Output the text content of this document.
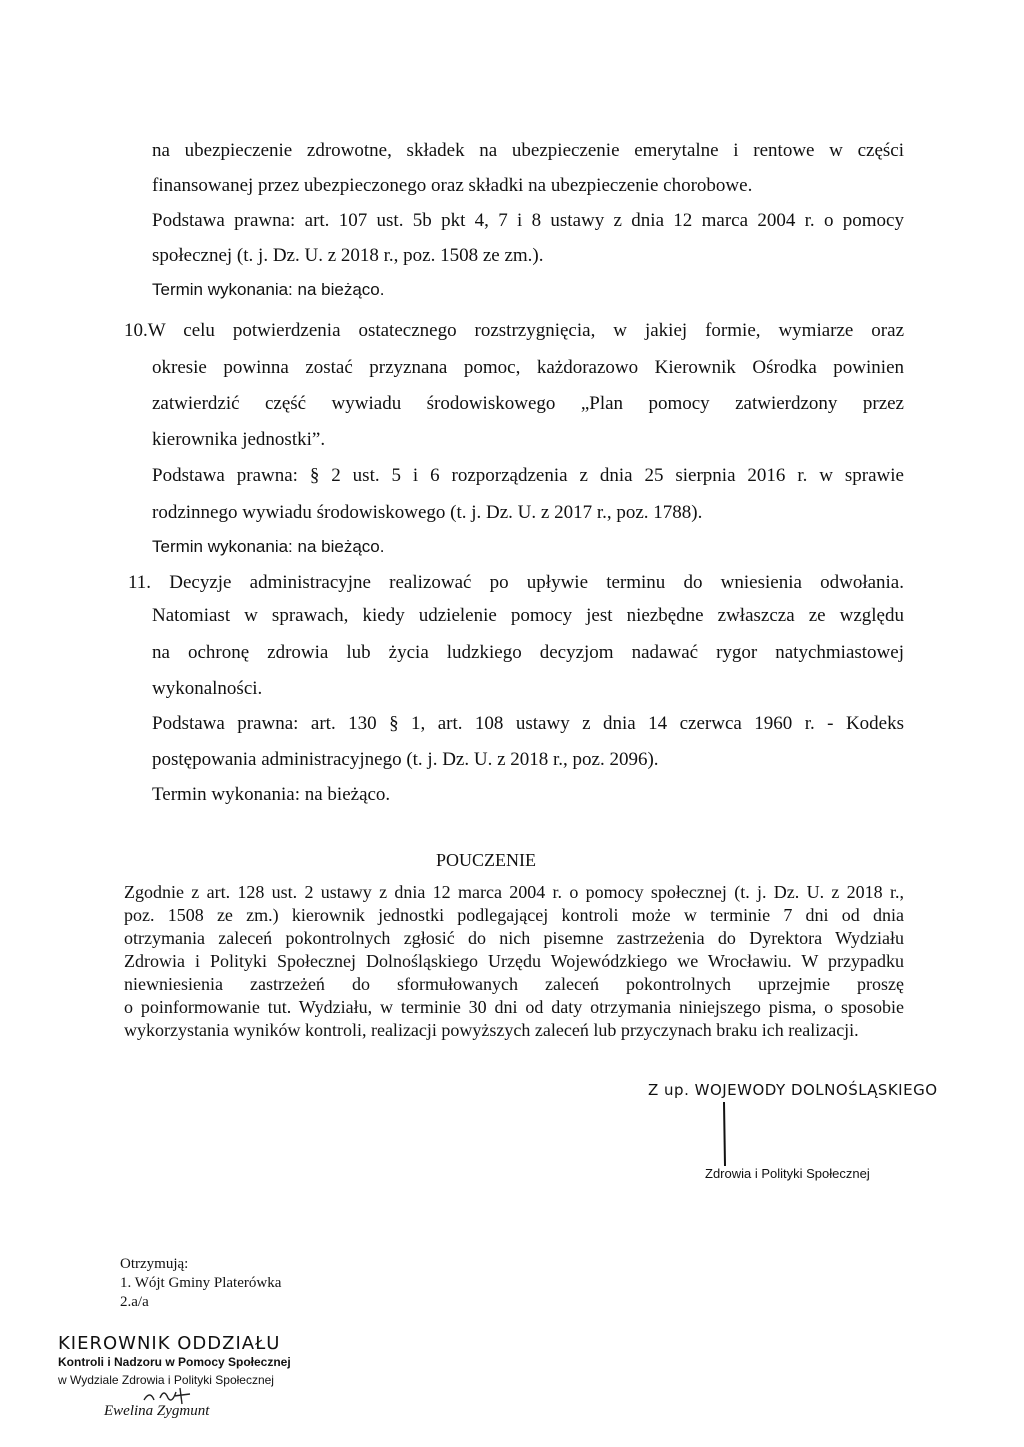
na ubezpieczenie zdrowotne, składek na ubezpieczenie emerytalne i rentowe w części
finansowanej przez ubezpieczonego oraz składki na ubezpieczenie chorobowe.
Podstawa prawna: art. 107 ust. 5b pkt 4, 7 i 8 ustawy z dnia 12 marca 2004 r. o pomocy
społecznej (t. j. Dz. U. z 2018 r., poz. 1508 ze zm.).
Termin wykonania: na bieżąco.
10.W celu potwierdzenia ostatecznego rozstrzygnięcia, w jakiej formie, wymiarze oraz
okresie powinna zostać przyznana pomoc, każdorazowo Kierownik Ośrodka powinien
zatwierdzić część wywiadu środowiskowego „Plan pomocy zatwierdzony przez
kierownika jednostki”.
Podstawa prawna: § 2 ust. 5 i 6 rozporządzenia z dnia 25 sierpnia 2016 r. w sprawie
rodzinnego wywiadu środowiskowego (t. j. Dz. U. z 2017 r., poz. 1788).
Termin wykonania: na bieżąco.
11. Decyzje administracyjne realizować po upływie terminu do wniesienia odwołania.
Natomiast w sprawach, kiedy udzielenie pomocy jest niezbędne zwłaszcza ze względu
na ochronę zdrowia lub życia ludzkiego decyzjom nadawać rygor natychmiastowej
wykonalności.
Podstawa prawna: art. 130 § 1, art. 108 ustawy z dnia 14 czerwca 1960 r. - Kodeks
postępowania administracyjnego (t. j. Dz. U. z 2018 r., poz. 2096).
Termin wykonania: na bieżąco.
POUCZENIE
Zgodnie z art. 128 ust. 2 ustawy z dnia 12 marca 2004 r. o pomocy społecznej (t. j. Dz. U. z 2018 r.,
poz. 1508 ze zm.) kierownik jednostki podlegającej kontroli może w terminie 7 dni od dnia
otrzymania zaleceń pokontrolnych zgłosić do nich pisemne zastrzeżenia do Dyrektora Wydziału
Zdrowia i Polityki Społecznej Dolnośląskiego Urzędu Wojewódzkiego we Wrocławiu. W przypadku
niewniesienia zastrzeżeń do sformułowanych zaleceń pokontrolnych uprzejmie proszę
o poinformowanie tut. Wydziału, w terminie 30 dni od daty otrzymania niniejszego pisma, o sposobie
wykorzystania wyników kontroli, realizacji powyższych zaleceń lub przyczynach braku ich realizacji.
Z up. WOJEWODY DOLNOŚLĄSKIEGO
Zdrowia i Polityki Społecznej
Otrzymują:
1. Wójt Gminy Platerówka
2.a/a
KIEROWNIK ODDZIAŁU
Kontroli i Nadzoru w Pomocy Społecznej
w Wydziale Zdrowia i Polityki Społecznej
Ewelina Zygmunt
